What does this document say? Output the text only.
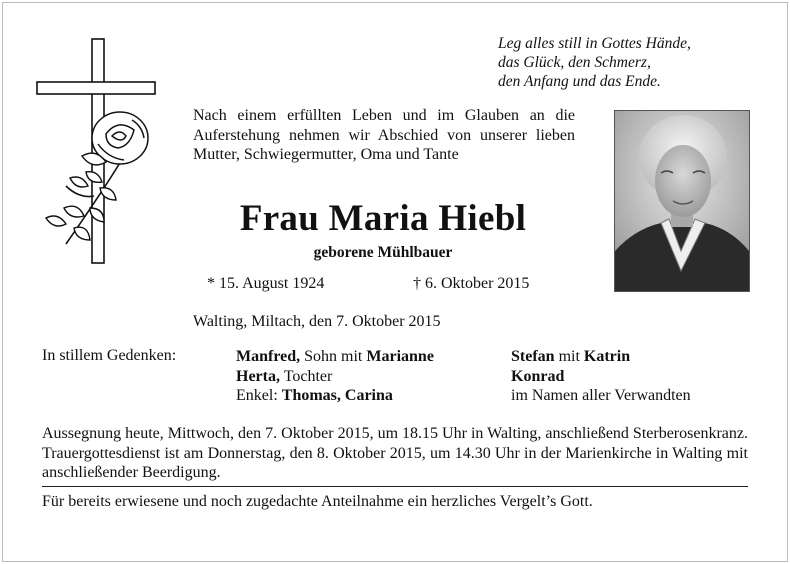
Leg alles still in Gottes Hände,
das Glück, den Schmerz,
den Anfang und das Ende.
Nach einem erfüllten Leben und im Glauben an die Auferstehung nehmen wir Abschied von unserer lieben Mutter, Schwiegermutter, Oma und Tante
Frau Maria Hiebl
geborene Mühlbauer
* 15. August 1924	† 6. Oktober 2015
Walting, Miltach, den 7. Oktober 2015
In stillem Gedenken:	Manfred, Sohn mit Marianne
Herta, Tochter
Enkel: Thomas, Carina
Stefan mit Katrin
Konrad
im Namen aller Verwandten
Aussegnung heute, Mittwoch, den 7. Oktober 2015, um 18.15 Uhr in Walting, anschließend Sterberosenkranz. Trauergottesdienst ist am Donnerstag, den 8. Oktober 2015, um 14.30 Uhr in der Marienkirche in Walting mit anschließender Beerdigung.
Für bereits erwiesene und noch zugedachte Anteilnahme ein herzliches Vergelt’s Gott.
